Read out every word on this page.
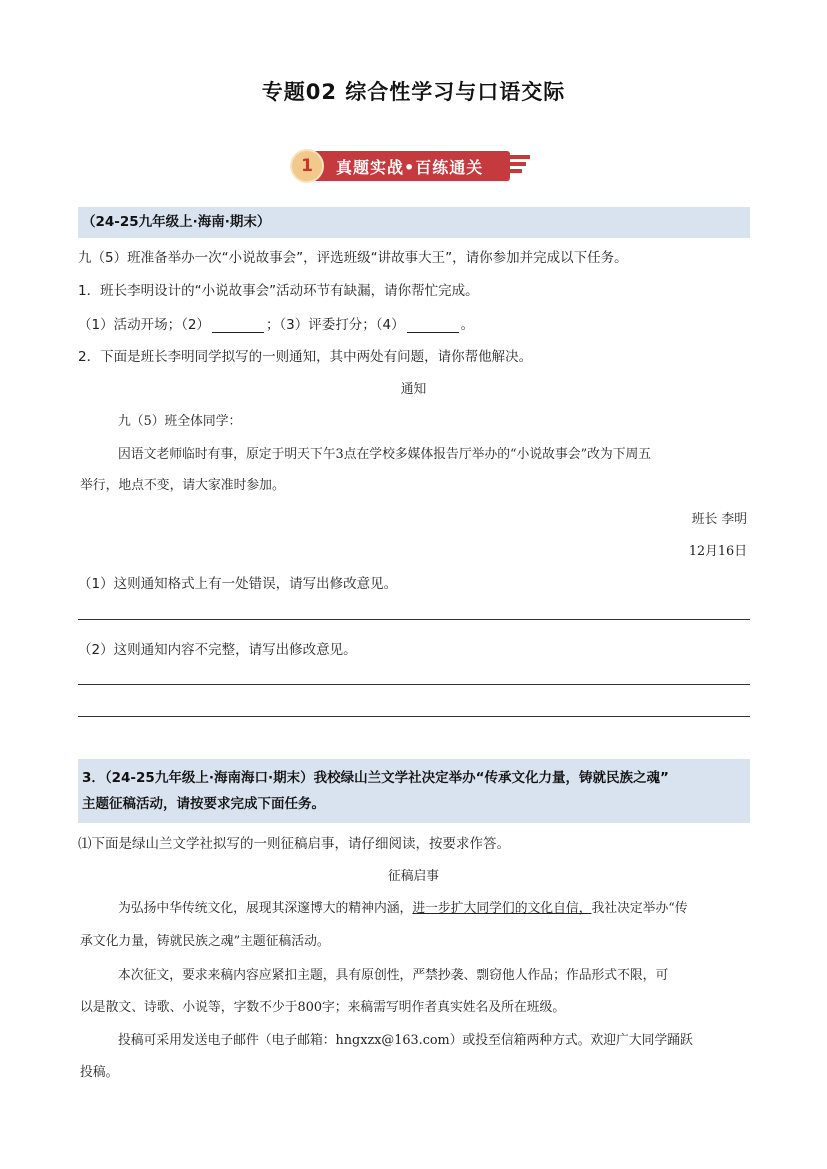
专题02 综合性学习与口语交际
1	真题实战•百练通关
（24-25九年级上·海南·期末）
九（5）班准备举办一次“小说故事会”，评选班级“讲故事大王”，请你参加并完成以下任务。
1．班长李明设计的“小说故事会”活动环节有缺漏，请你帮忙完成。
（1）活动开场；（2）	；（3）评委打分；（4）	。
2．下面是班长李明同学拟写的一则通知，其中两处有问题，请你帮他解决。
通知
九（5）班全体同学：
因语文老师临时有事，原定于明天下午3点在学校多媒体报告厅举办的“小说故事会”改为下周五
举行，地点不变，请大家准时参加。
班长 李明
12月16日
（1）这则通知格式上有一处错误，请写出修改意见。
（2）这则通知内容不完整，请写出修改意见。
3．（24-25九年级上·海南海口·期末）我校绿山兰文学社决定举办“传承文化力量，铸就民族之魂”
主题征稿活动，请按要求完成下面任务。
⑴下面是绿山兰文学社拟写的一则征稿启事，请仔细阅读，按要求作答。
征稿启事
为弘扬中华传统文化，展现其深邃博大的精神内涵，进一步扩大同学们的文化自信，我社决定举办“传
承文化力量，铸就民族之魂”主题征稿活动。
本次征文，要求来稿内容应紧扣主题，具有原创性，严禁抄袭、剽窃他人作品；作品形式不限，可
以是散文、诗歌、小说等，字数不少于800字；来稿需写明作者真实姓名及所在班级。
投稿可采用发送电子邮件（电子邮箱：hngxzx@163.com）或投至信箱两种方式。欢迎广大同学踊跃
投稿。
